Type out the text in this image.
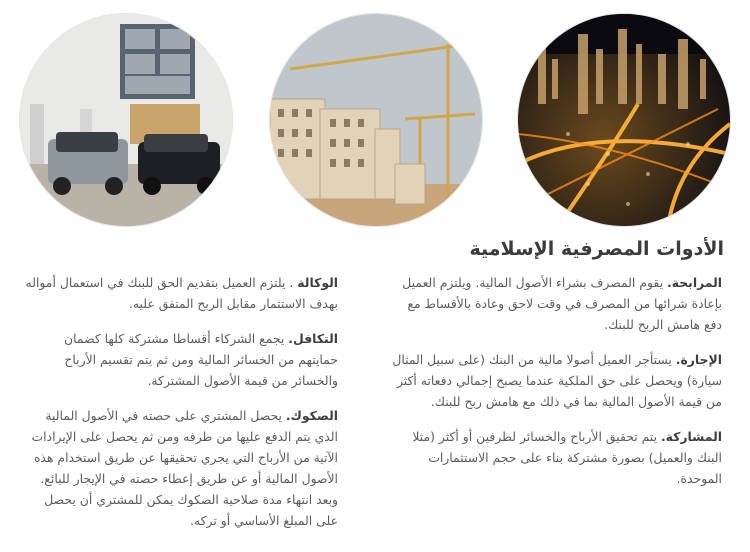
الأدوات المصرفية الإسلامية

المرابحة. يقوم المصرف بشراء الأصول المالية. ويلتزم العميل بإعادة شرائها من المصرف في وقت لاحق وعادة بالأقساط مع دفع هامش الربح للبنك.

الإجارة. يستأجر العميل أصولا مالية من البنك (على سبيل المثال سيارة) ويحصل على حق الملكية عندما يصبح إجمالي دفعاته أكثر من قيمة الأصول المالية بما في ذلك مع هامش ربح للبنك.

المشاركة. يتم تحقيق الأرباح والخسائر لطرفين أو أكثر (مثلا البنك والعميل) بصورة مشتركة بناء على حجم الاستثمارات الموحدة.

الوكالة . يلتزم العميل بتقديم الحق للبنك في استعمال أمواله بهدف الاستثمار مقابل الربح المتفق عليه.

التكافل. يجمع الشركاء أقساطا مشتركة كلها كضمان حمايتهم من الخسائر المالية ومن ثم يتم تقسيم الأرباح والخسائر من قيمة الأصول المشتركة.

الصكوك. يحصل المشتري على حصته في الأصول المالية الذي يتم الدفع عليها من طرفه ومن ثم يحصل على الإيرادات الآتية من الأرباح التي يجري تحقيقها عن طريق استخدام هذه الأصول المالية أو عن طريق إعطاء حصته في الإيجار للبائع. وبعد انتهاء مدة صلاحية الصكوك يمكن للمشتري أن يحصل على المبلغ الأساسي أو تركه.
